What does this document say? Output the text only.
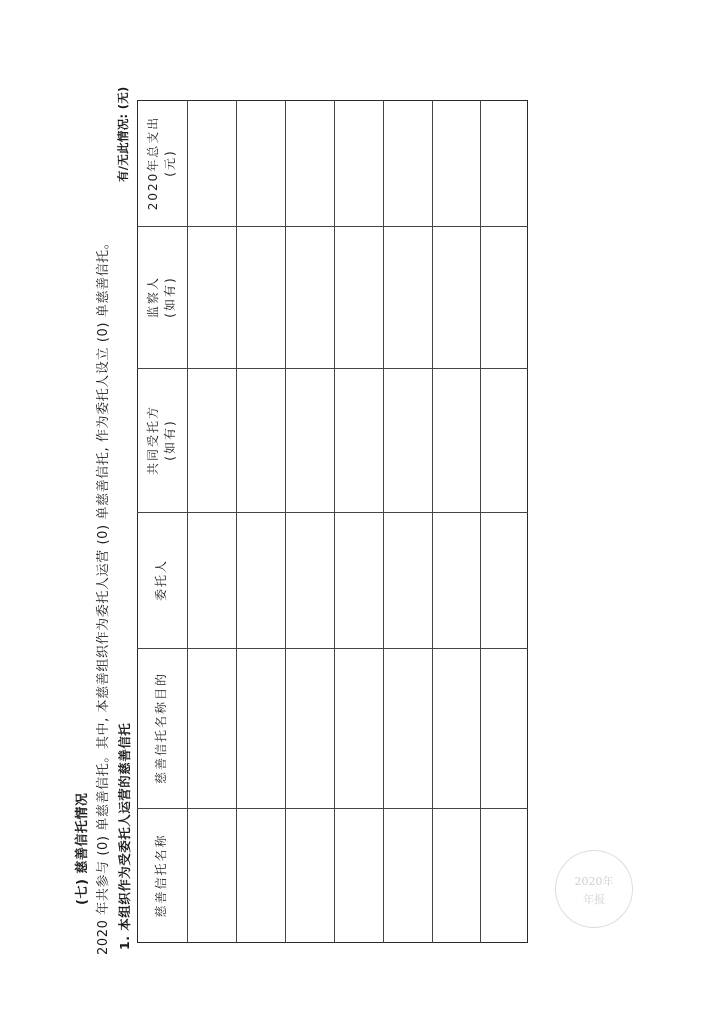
(七) 慈善信托情况 2020 年共参与 (0) 单慈善信托。其中, 本慈善组织作为委托人运营 (0) 单慈善信托, 作为委托人设立 (0) 单慈善信托。 1. 本组织作为受委托人运营的慈善信托
有/无此情况: (无)
慈善信托名称
慈善信托名称目的
委托人
共同受托方 (如有)
监察人 (如有)
2020年总支出 (元)
2020年
年报
